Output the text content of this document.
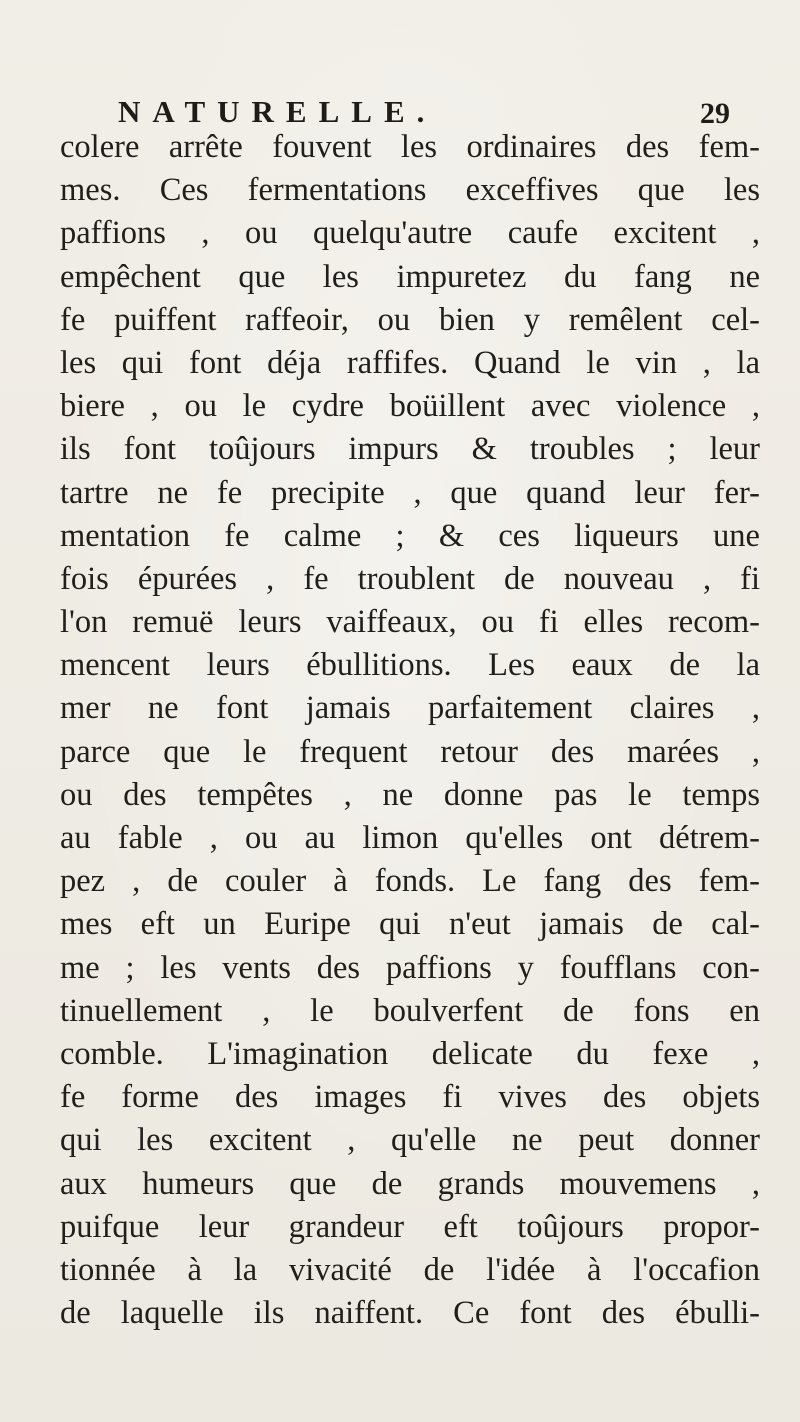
NATURELLE.	29
colere arrête fouvent les ordinaires des fem-
mes. Ces fermentations exceffives que les
paffions , ou quelqu'autre caufe excitent ,
empêchent que les impuretez du fang ne
fe puiffent raffeoir, ou bien y remêlent cel-
les qui font déja raffifes. Quand le vin , la
biere , ou le cydre boüillent avec violence ,
ils font toûjours impurs & troubles ; leur
tartre ne fe precipite , que quand leur fer-
mentation fe calme ; & ces liqueurs une
fois épurées , fe troublent de nouveau , fi
l'on remuë leurs vaiffeaux, ou fi elles recom-
mencent leurs ébullitions. Les eaux de la
mer ne font jamais parfaitement claires ,
parce que le frequent retour des marées ,
ou des tempêtes , ne donne pas le temps
au fable , ou au limon qu'elles ont détrem-
pez , de couler à fonds. Le fang des fem-
mes eft un Euripe qui n'eut jamais de cal-
me ; les vents des paffions y foufflans con-
tinuellement , le boulverfent de fons en
comble. L'imagination delicate du fexe ,
fe forme des images fi vives des objets
qui les excitent , qu'elle ne peut donner
aux humeurs que de grands mouvemens ,
puifque leur grandeur eft toûjours propor-
tionnée à la vivacité de l'idée à l'occafion
de laquelle ils naiffent. Ce font des ébulli-
